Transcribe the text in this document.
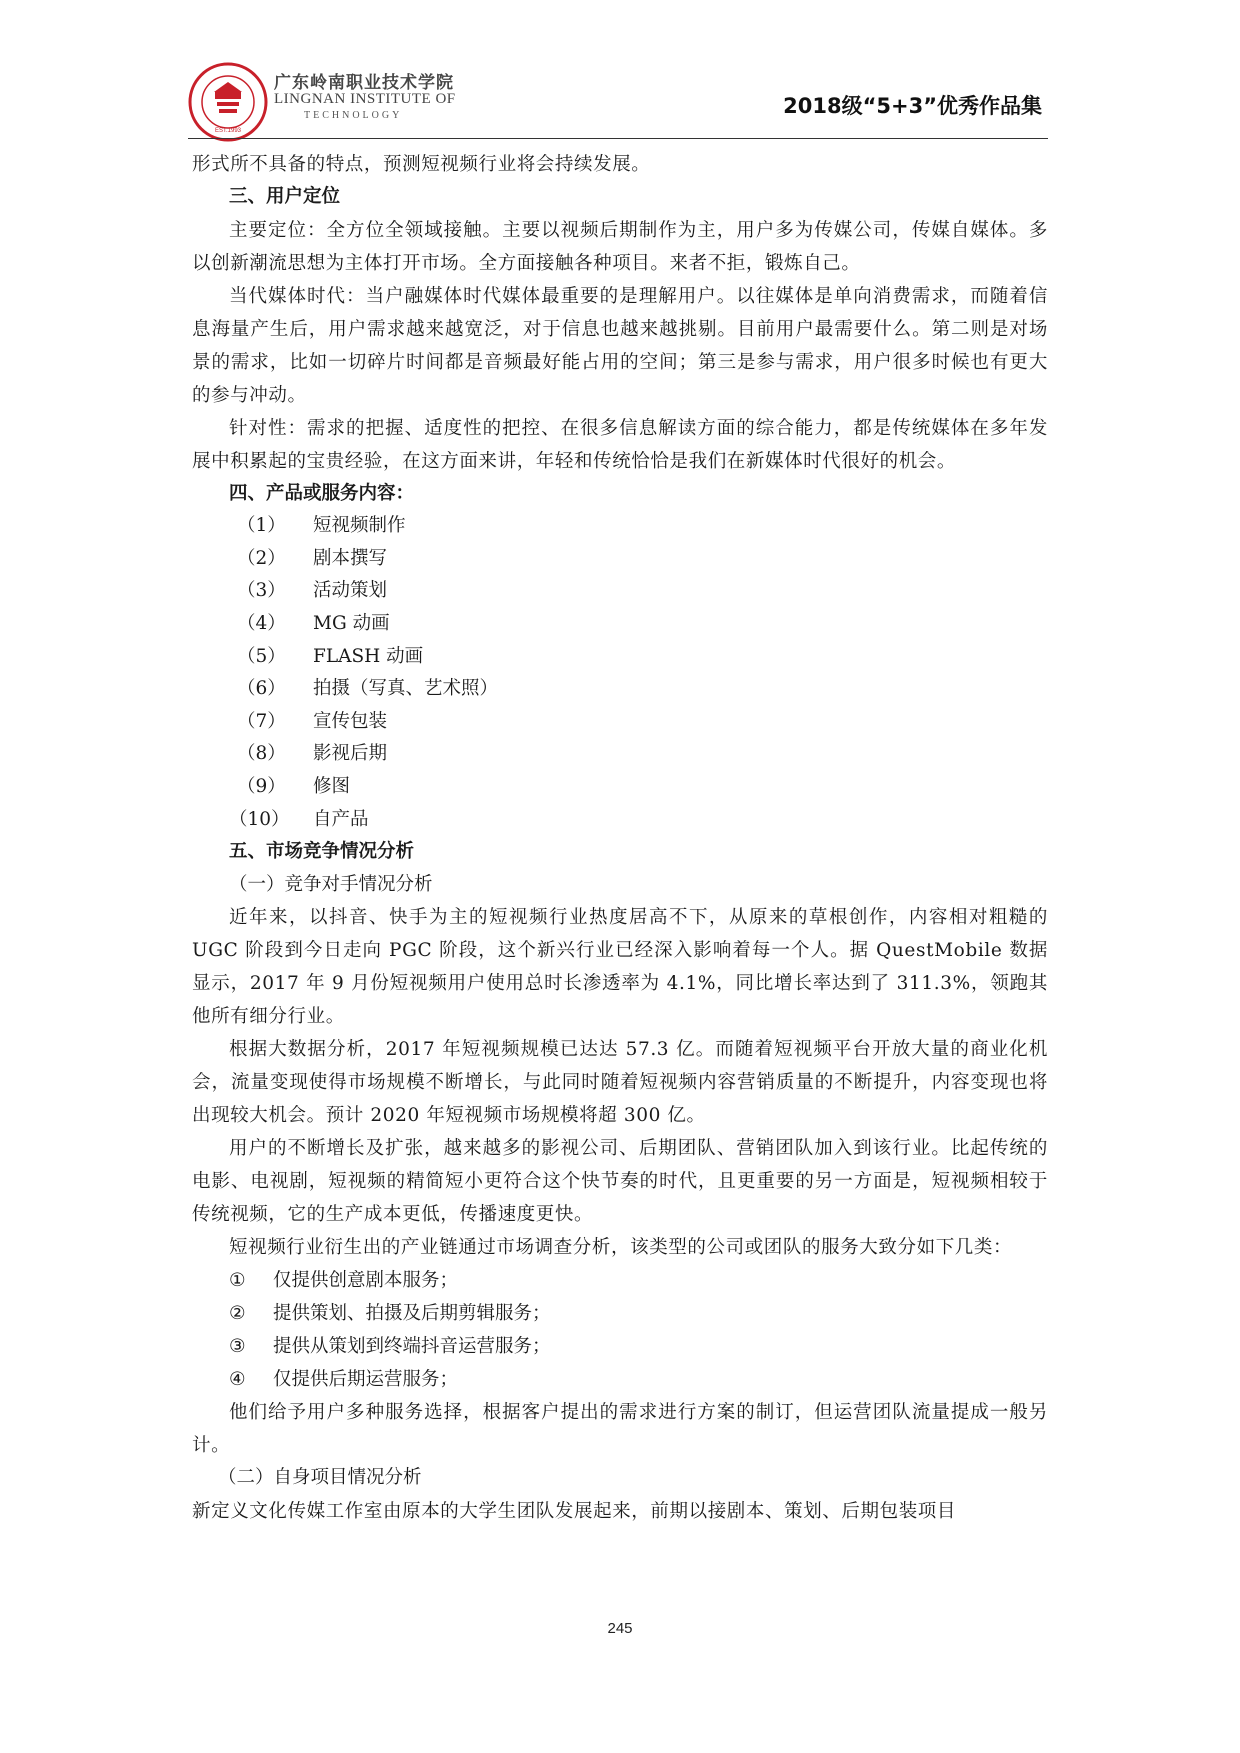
EST.1993
广东岭南职业技术学院
LINGNAN INSTITUTE OF
TECHNOLOGY	2018级“5+3”优秀作品集

形式所不具备的特点，预测短视频行业将会持续发展。

三、用户定位

主要定位：全方位全领域接触。主要以视频后期制作为主，用户多为传媒公司，传媒自媒体。多以创新潮流思想为主体打开市场。全方面接触各种项目。来者不拒，锻炼自己。

当代媒体时代：当户融媒体时代媒体最重要的是理解用户。以往媒体是单向消费需求，而随着信息海量产生后，用户需求越来越宽泛，对于信息也越来越挑剔。目前用户最需要什么。第二则是对场景的需求，比如一切碎片时间都是音频最好能占用的空间；第三是参与需求，用户很多时候也有更大的参与冲动。

针对性：需求的把握、适度性的把控、在很多信息解读方面的综合能力，都是传统媒体在多年发展中积累起的宝贵经验，在这方面来讲，年轻和传统恰恰是我们在新媒体时代很好的机会。

四、产品或服务内容：

（1） 短视频制作

（2） 剧本撰写

（3） 活动策划

（4） MG 动画

（5） FLASH 动画

（6） 拍摄（写真、艺术照）

（7） 宣传包装

（8） 影视后期

（9） 修图

（10） 自产品

五、市场竞争情况分析

（一）竞争对手情况分析

近年来，以抖音、快手为主的短视频行业热度居高不下，从原来的草根创作，内容相对粗糙的 UGC 阶段到今日走向 PGC 阶段，这个新兴行业已经深入影响着每一个人。据 QuestMobile 数据显示，2017 年 9 月份短视频用户使用总时长渗透率为 4.1%，同比增长率达到了 311.3%，领跑其他所有细分行业。

根据大数据分析，2017 年短视频规模已达达 57.3 亿。而随着短视频平台开放大量的商业化机会，流量变现使得市场规模不断增长，与此同时随着短视频内容营销质量的不断提升，内容变现也将出现较大机会。预计 2020 年短视频市场规模将超 300 亿。

用户的不断增长及扩张，越来越多的影视公司、后期团队、营销团队加入到该行业。比起传统的电影、电视剧，短视频的精简短小更符合这个快节奏的时代，且更重要的另一方面是，短视频相较于传统视频，它的生产成本更低，传播速度更快。

短视频行业衍生出的产业链通过市场调查分析，该类型的公司或团队的服务大致分如下几类：

① 仅提供创意剧本服务；

② 提供策划、拍摄及后期剪辑服务；

③ 提供从策划到终端抖音运营服务；

④ 仅提供后期运营服务；

他们给予用户多种服务选择，根据客户提出的需求进行方案的制订，但运营团队流量提成一般另计。

（二）自身项目情况分析

新定义文化传媒工作室由原本的大学生团队发展起来，前期以接剧本、策划、后期包装项目

245
